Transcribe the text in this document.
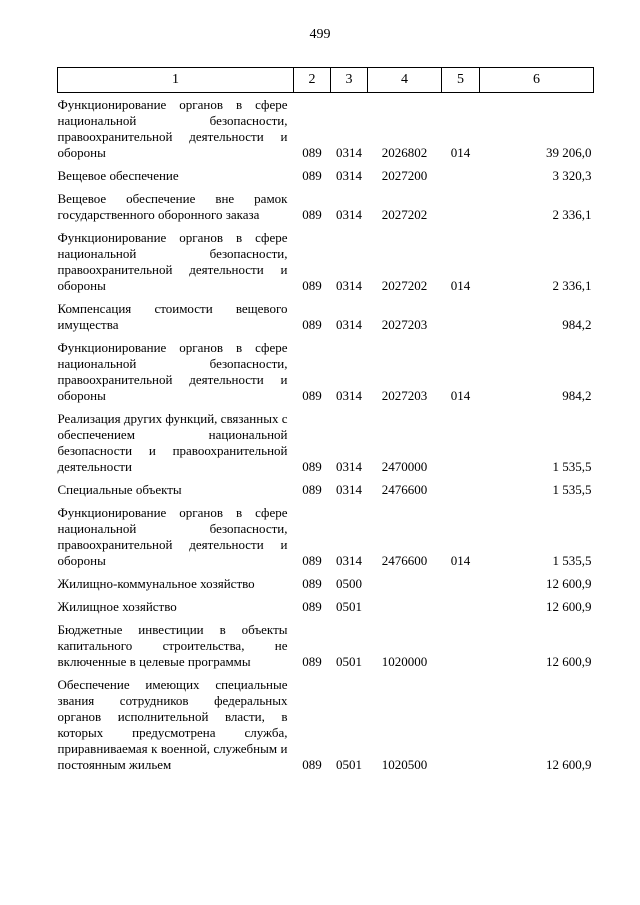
499
1	2	3	4	5	6
Функционирование органов в сфере национальной безопасности, правоохранительной деятельности и обороны	089	0314	2026802	014	39 206,0
Вещевое обеспечение	089	0314	2027200		3 320,3
Вещевое обеспечение вне рамок государственного оборонного заказа	089	0314	2027202		2 336,1
Функционирование органов в сфере национальной безопасности, правоохранительной деятельности и обороны	089	0314	2027202	014	2 336,1
Компенсация стоимости вещевого имущества	089	0314	2027203		984,2
Функционирование органов в сфере национальной безопасности, правоохранительной деятельности и обороны	089	0314	2027203	014	984,2
Реализация других функций, связанных с обеспечением национальной безопасности и правоохранительной деятельности	089	0314	2470000		1 535,5
Специальные объекты	089	0314	2476600		1 535,5
Функционирование органов в сфере национальной безопасности, правоохранительной деятельности и обороны	089	0314	2476600	014	1 535,5
Жилищно-коммунальное хозяйство	089	0500			12 600,9
Жилищное хозяйство	089	0501			12 600,9
Бюджетные инвестиции в объекты капитального строительства, не включенные в целевые программы	089	0501	1020000		12 600,9
Обеспечение имеющих специальные звания сотрудников федеральных органов исполнительной власти, в которых предусмотрена служба, приравниваемая к военной, служебным и постоянным жильем	089	0501	1020500		12 600,9
